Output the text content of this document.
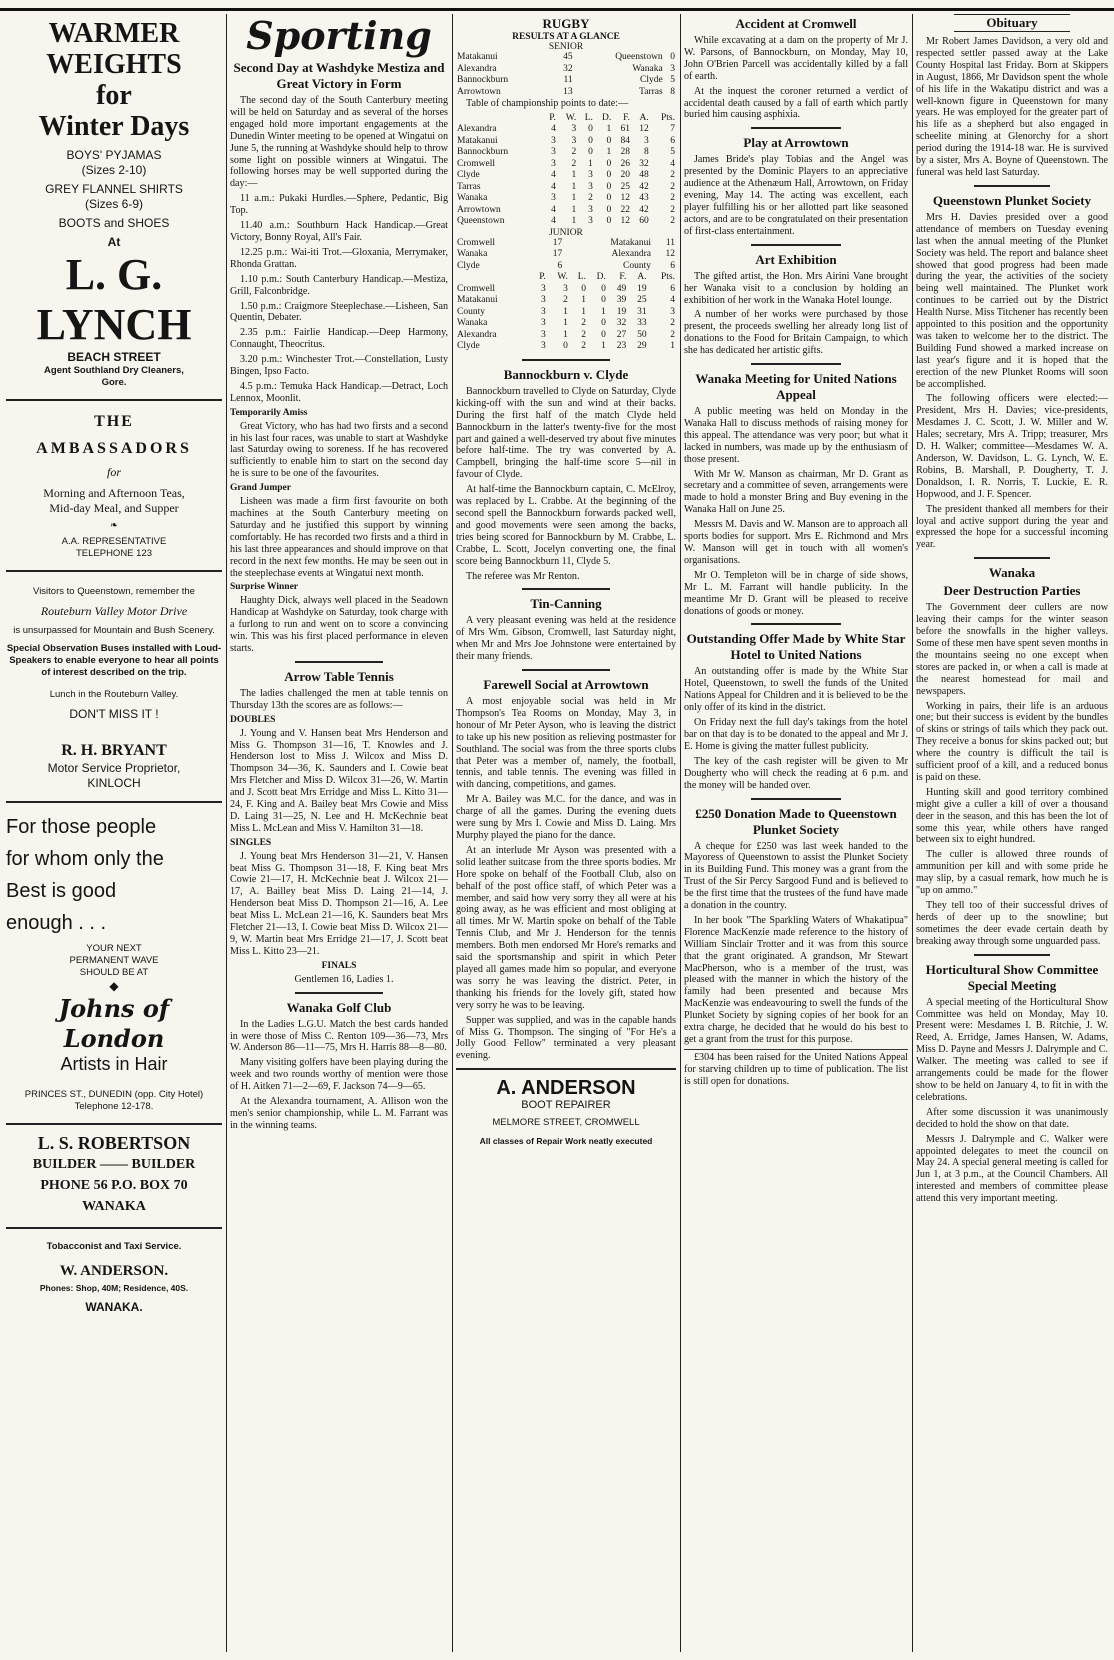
WARMER
WEIGHTS
for
Winter Days
BOYS' PYJAMAS
(Sizes 2-10)
GREY FLANNEL SHIRTS
(Sizes 6-9)
BOOTS and SHOES
At
L. G. LYNCH
BEACH STREET
Agent Southland Dry Cleaners,
Gore.
THE
AMBASSADORS
for
Morning and Afternoon Teas,
Mid-day Meal, and Supper
❧
A.A. REPRESENTATIVE
TELEPHONE 123
Visitors to Queenstown, remember the
Routeburn Valley Motor Drive
is unsurpassed for Mountain and Bush Scenery.
Special Observation Buses installed with Loud-Speakers to enable everyone to hear all points of interest described on the trip.
Lunch in the Routeburn Valley.
DON'T MISS IT !
R. H. BRYANT
Motor Service Proprietor,
KINLOCH
For those people
for whom only the
Best is good
enough . . .
YOUR NEXT
PERMANENT WAVE
SHOULD BE AT
◆
Johns of London
Artists in Hair
PRINCES ST., DUNEDIN (opp. City Hotel)
Telephone 12-178.
L. S. ROBERTSON
BUILDER —— BUILDER
PHONE 56 P.O. BOX 70
WANAKA
Tobacconist and Taxi Service.
W. ANDERSON.
Phones: Shop, 40M; Residence, 40S.
WANAKA.
Sporting
Second Day at Washdyke Mestiza and Great Victory in Form

The second day of the South Canterbury meeting will be held on Saturday and as several of the horses engaged hold more important engagements at the Dunedin Winter meeting to be opened at Wingatui on June 5, the running at Washdyke should help to throw some light on possible winners at Wingatui. The following horses may be well supported during the day:—

11 a.m.: Pukaki Hurdles.—Sphere, Pedantic, Big Top.

11.40 a.m.: Southburn Hack Handicap.—Great Victory, Bonny Royal, All's Fair.

12.25 p.m.: Wai-iti Trot.—Gloxania, Merrymaker, Rhonda Grattan.

1.10 p.m.: South Canterbury Handicap.—Mestiza, Grill, Falconbridge.

1.50 p.m.: Craigmore Steeplechase.—Lisheen, San Quentin, Debater.

2.35 p.m.: Fairlie Handicap.—Deep Harmony, Connaught, Theocritus.

3.20 p.m.: Winchester Trot.—Constellation, Lusty Bingen, Ipso Facto.

4.5 p.m.: Temuka Hack Handicap.—Detract, Loch Lennox, Moonlit.

Temporarily Amiss

Great Victory, who has had two firsts and a second in his last four races, was unable to start at Washdyke last Saturday owing to soreness. If he has recovered sufficiently to enable him to start on the second day he is sure to be one of the favourites.

Grand Jumper

Lisheen was made a firm first favourite on both machines at the South Canterbury meeting on Saturday and he justified this support by winning comfortably. He has recorded two firsts and a third in his last three appearances and should improve on that record in the next few months. He may be seen out in the steeplechase events at Wingatui next month.

Surprise Winner

Haughty Dick, always well placed in the Seadown Handicap at Washdyke on Saturday, took charge with a furlong to run and went on to score a convincing win. This was his first placed performance in eleven starts.

Arrow Table Tennis

The ladies challenged the men at table tennis on Thursday 13th the scores are as follows:—

DOUBLES

J. Young and V. Hansen beat Mrs Henderson and Miss G. Thompson 31—16, T. Knowles and J. Henderson lost to Miss J. Wilcox and Miss D. Thompson 34—36, K. Saunders and I. Cowie beat Mrs Fletcher and Miss D. Wilcox 31—26, W. Martin and J. Scott beat Mrs Erridge and Miss L. Kitto 31—24, F. King and A. Bailey beat Mrs Cowie and Miss D. Laing 31—25, N. Lee and H. McKechnie beat Miss L. McLean and Miss V. Hamilton 31—18.

SINGLES

J. Young beat Mrs Henderson 31—21, V. Hansen beat Miss G. Thompson 31—18, F. King beat Mrs Cowie 21—17, H. McKechnie beat J. Wilcox 21—17, A. Bailley beat Miss D. Laing 21—14, J. Henderson beat Miss D. Thompson 21—16, A. Lee beat Miss L. McLean 21—16, K. Saunders beat Mrs Fletcher 21—13, I. Cowie beat Miss D. Wilcox 21—9, W. Martin beat Mrs Erridge 21—17, J. Scott beat Miss L. Kitto 23—21.

FINALS

Gentlemen 16, Ladies 1.

Wanaka Golf Club

In the Ladies L.G.U. Match the best cards handed in were those of Miss C. Renton 109—36—73, Mrs W. Anderson 86—11—75, Mrs H. Harris 88—8—80.

Many visiting golfers have been playing during the week and two rounds worthy of mention were those of H. Aitken 71—2—69, F. Jackson 74—9—65.

At the Alexandra tournament, A. Allison won the men's senior championship, while L. M. Farrant was in the winning teams.

RUGBY
RESULTS AT A GLANCE
SENIOR
Matakanui	45	Queenstown	0
Alexandra	32	Wanaka	3
Bannockburn	11	Clyde	5
Arrowtown	13	Tarras	8

Table of championship points to date:—

	P.	W.	L.	D.	F.	A.	Pts.
Alexandra	4	3	0	1	61	12	7
Matakanui	3	3	0	0	84	3	6
Bannockburn	3	2	0	1	28	8	5
Cromwell	3	2	1	0	26	32	4
Clyde	4	1	3	0	20	48	2
Tarras	4	1	3	0	25	42	2
Wanaka	3	1	2	0	12	43	2
Arrowtown	4	1	3	0	22	42	2
Queenstown	4	1	3	0	12	60	2
JUNIOR
Cromwell	17	Matakanui	11
Wanaka	17	Alexandra	12
Clyde	6	County	6
	P.	W.	L.	D.	F.	A.	Pts.
Cromwell	3	3	0	0	49	19	6
Matakanui	3	2	1	0	39	25	4
County	3	1	1	1	19	31	3
Wanaka	3	1	2	0	32	33	2
Alexandra	3	1	2	0	27	50	2
Clyde	3	0	2	1	23	29	1
Bannockburn v. Clyde

Bannockburn travelled to Clyde on Saturday, Clyde kicking-off with the sun and wind at their backs. During the first half of the match Clyde held Bannockburn in the latter's twenty-five for the most part and gained a well-deserved try about five minutes before half-time. The try was converted by A. Campbell, bringing the half-time score 5—nil in favour of Clyde.

At half-time the Bannockburn captain, C. McElroy, was replaced by L. Crabbe. At the beginning of the second spell the Bannockburn forwards packed well, and good movements were seen among the backs, tries being scored for Bannockburn by M. Crabbe, L. Crabbe, L. Scott, Jocelyn converting one, the final score being Bannockburn 11, Clyde 5.

The referee was Mr Renton.

Tin-Canning

A very pleasant evening was held at the residence of Mrs Wm. Gibson, Cromwell, last Saturday night, when Mr and Mrs Joe Johnstone were entertained by their many friends.

Farewell Social at Arrowtown

A most enjoyable social was held in Mr Thompson's Tea Rooms on Monday, May 3, in honour of Mr Peter Ayson, who is leaving the district to take up his new position as relieving postmaster for Southland. The social was from the three sports clubs that Peter was a member of, namely, the football, tennis, and table tennis. The evening was filled in with dancing, competitions, and games.

Mr A. Bailey was M.C. for the dance, and was in charge of all the games. During the evening duets were sung by Mrs I. Cowie and Miss D. Laing. Mrs Murphy played the piano for the dance.

At an interlude Mr Ayson was presented with a solid leather suitcase from the three sports bodies. Mr Hore spoke on behalf of the Football Club, also on behalf of the post office staff, of which Peter was a member, and said how very sorry they all were at his going away, as he was efficient and most obliging at all times. Mr W. Martin spoke on behalf of the Table Tennis Club, and Mr J. Henderson for the tennis members. Both men endorsed Mr Hore's remarks and said the sportsmanship and spirit in which Peter played all games made him so popular, and everyone was sorry he was leaving the district. Peter, in thanking his friends for the lovely gift, stated how very sorry he was to be leaving.

Supper was supplied, and was in the capable hands of Miss G. Thompson. The singing of "For He's a Jolly Good Fellow" terminated a very pleasant evening.

A. ANDERSON
BOOT REPAIRER
MELMORE STREET, CROMWELL
All classes of Repair Work neatly executed
Accident at Cromwell

While excavating at a dam on the property of Mr J. W. Parsons, of Bannockburn, on Monday, May 10, John O'Brien Parcell was accidentally killed by a fall of earth.

At the inquest the coroner returned a verdict of accidental death caused by a fall of earth which partly buried him causing asphixia.

Play at Arrowtown

James Bride's play Tobias and the Angel was presented by the Dominic Players to an appreciative audience at the Athenæum Hall, Arrowtown, on Friday evening, May 14. The acting was excellent, each player fulfilling his or her allotted part like seasoned actors, and are to be congratulated on their presentation of first-class entertainment.

Art Exhibition

The gifted artist, the Hon. Mrs Airini Vane brought her Wanaka visit to a conclusion by holding an exhibition of her work in the Wanaka Hotel lounge.

A number of her works were purchased by those present, the proceeds swelling her already long list of donations to the Food for Britain Campaign, to which she has dedicated her artistic gifts.

Wanaka Meeting for United Nations Appeal

A public meeting was held on Monday in the Wanaka Hall to discuss methods of raising money for this appeal. The attendance was very poor; but what it lacked in numbers, was made up by the enthusiasm of those present.

With Mr W. Manson as chairman, Mr D. Grant as secretary and a committee of seven, arrangements were made to hold a monster Bring and Buy evening in the Wanaka Hall on June 25.

Messrs M. Davis and W. Manson are to approach all sports bodies for support. Mrs E. Richmond and Mrs W. Manson will get in touch with all women's organisations.

Mr O. Templeton will be in charge of side shows, Mr L. M. Farrant will handle publicity. In the meantime Mr D. Grant will be pleased to receive donations of goods or money.

Outstanding Offer Made by White Star Hotel to United Nations

An outstanding offer is made by the White Star Hotel, Queenstown, to swell the funds of the United Nations Appeal for Children and it is believed to be the only offer of its kind in the district.

On Friday next the full day's takings from the hotel bar on that day is to be donated to the appeal and Mr J. E. Home is giving the matter fullest publicity.

The key of the cash register will be given to Mr Dougherty who will check the reading at 6 p.m. and the money will be handed over.

£250 Donation Made to Queenstown Plunket Society

A cheque for £250 was last week handed to the Mayoress of Queenstown to assist the Plunket Society in its Building Fund. This money was a grant from the Trust of the Sir Percy Sargood Fund and is believed to be the first time that the trustees of the fund have made a donation in the country.

In her book "The Sparkling Waters of Whakatipua" Florence MacKenzie made reference to the history of William Sinclair Trotter and it was from this source that the grant originated. A grandson, Mr Stewart MacPherson, who is a member of the trust, was pleased with the manner in which the history of the family had been presented and because Mrs MacKenzie was endeavouring to swell the funds of the Plunket Society by signing copies of her book for an extra charge, he decided that he would do his best to get a grant from the trust for this purpose.

£304 has been raised for the United Nations Appeal for starving children up to time of publication. The list is still open for donations.

Obituary

Mr Robert James Davidson, a very old and respected settler passed away at the Lake County Hospital last Friday. Born at Skippers in August, 1866, Mr Davidson spent the whole of his life in the Wakatipu district and was a well-known figure in Queenstown for many years. He was employed for the greater part of his life as a shepherd but also engaged in scheelite mining at Glenorchy for a short period during the 1914-18 war. He is survived by a sister, Mrs A. Boyne of Queenstown. The funeral was held last Saturday.

Queenstown Plunket Society

Mrs H. Davies presided over a good attendance of members on Tuesday evening last when the annual meeting of the Plunket Society was held. The report and balance sheet showed that good progress had been made during the year, the activities of the society being well maintained. The Plunket work continues to be carried out by the District Health Nurse. Miss Titchener has recently been appointed to this position and the opportunity was taken to welcome her to the district. The Building Fund showed a marked increase on last year's figure and it is hoped that the erection of the new Plunket Rooms will soon be accomplished.

The following officers were elected:—President, Mrs H. Davies; vice-presidents, Mesdames J. C. Scott, J. W. Miller and W. Hales; secretary, Mrs A. Tripp; treasurer, Mrs D. H. Walker; committee—Mesdames W. A. Anderson, W. Davidson, L. G. Lynch, W. E. Robins, B. Marshall, P. Dougherty, T. J. Donaldson, I. R. Norris, T. Luckie, E. R. Hopwood, and J. F. Spencer.

The president thanked all members for their loyal and active support during the year and expressed the hope for a successful incoming year.

Wanaka
Deer Destruction Parties

The Government deer cullers are now leaving their camps for the winter season before the snowfalls in the higher valleys. Some of these men have spent seven months in the mountains seeing no one except when stores are packed in, or when a call is made at the nearest homestead for mail and newspapers.

Working in pairs, their life is an arduous one; but their success is evident by the bundles of skins or strings of tails which they pack out. They receive a bonus for skins packed out; but where the country is difficult the tail is sufficient proof of a kill, and a reduced bonus is paid on these.

Hunting skill and good territory combined might give a culler a kill of over a thousand deer in the season, and this has been the lot of some this year, while others have ranged between six to eight hundred.

The culler is allowed three rounds of ammunition per kill and with some pride he may slip, by a casual remark, how much he is "up on ammo."

They tell too of their successful drives of herds of deer up to the snowline; but sometimes the deer evade certain death by breaking away through some unguarded pass.

Horticultural Show Committee Special Meeting

A special meeting of the Horticultural Show Committee was held on Monday, May 10. Present were: Mesdames I. B. Ritchie, J. W. Reed, A. Erridge, James Hansen, W. Adams, Miss D. Payne and Messrs J. Dalrymple and C. Walker. The meeting was called to see if arrangements could be made for the flower show to be held on January 4, to fit in with the celebrations.

After some discussion it was unanimously decided to hold the show on that date.

Messrs J. Dalrymple and C. Walker were appointed delegates to meet the council on May 24. A special general meeting is called for Jun 1, at 3 p.m., at the Council Chambers. All interested and members of committee please attend this very important meeting.
